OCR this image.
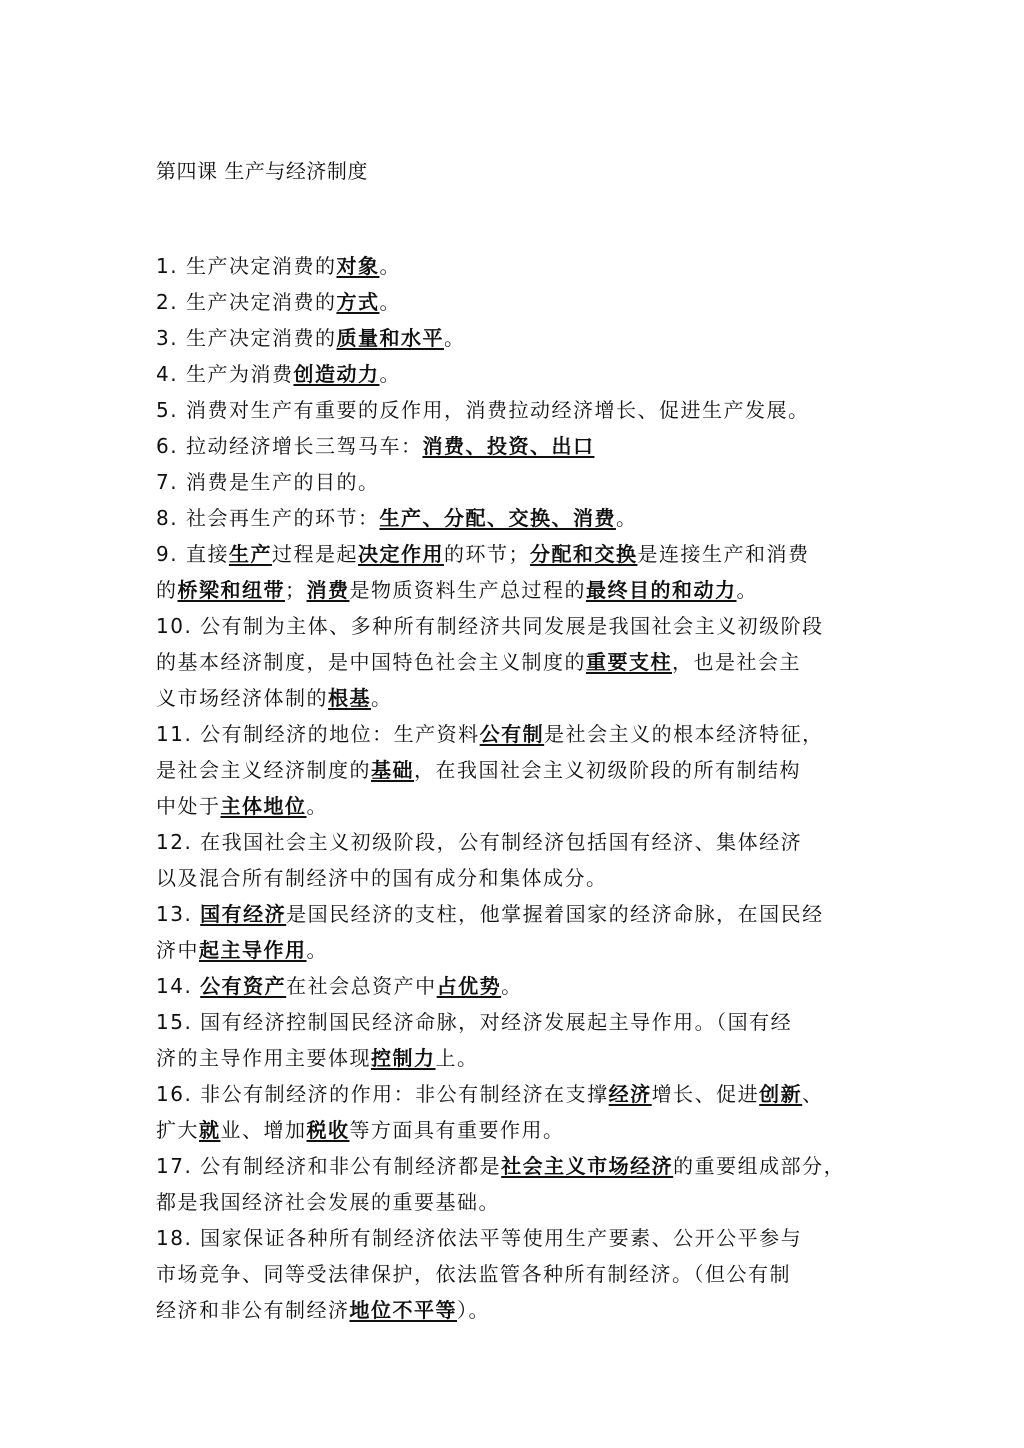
第四课 生产与经济制度
1. 生产决定消费的对象。
2. 生产决定消费的方式。
3. 生产决定消费的质量和水平。
4. 生产为消费创造动力。
5. 消费对生产有重要的反作用，消费拉动经济增长、促进生产发展。
6. 拉动经济增长三驾马车：消费、投资、出口
7. 消费是生产的目的。
8. 社会再生产的环节：生产、分配、交换、消费。
9. 直接生产过程是起决定作用的环节；分配和交换是连接生产和消费
的桥梁和纽带；消费是物质资料生产总过程的最终目的和动力。
10. 公有制为主体、多种所有制经济共同发展是我国社会主义初级阶段
的基本经济制度，是中国特色社会主义制度的重要支柱，也是社会主
义市场经济体制的根基。
11. 公有制经济的地位：生产资料公有制是社会主义的根本经济特征，
是社会主义经济制度的基础，在我国社会主义初级阶段的所有制结构
中处于主体地位。
12. 在我国社会主义初级阶段，公有制经济包括国有经济、集体经济
以及混合所有制经济中的国有成分和集体成分。
13. 国有经济是国民经济的支柱，他掌握着国家的经济命脉，在国民经
济中起主导作用。
14. 公有资产在社会总资产中占优势。
15. 国有经济控制国民经济命脉，对经济发展起主导作用。（国有经
济的主导作用主要体现控制力上。
16. 非公有制经济的作用：非公有制经济在支撑经济增长、促进创新、
扩大就业、增加税收等方面具有重要作用。
17. 公有制经济和非公有制经济都是社会主义市场经济的重要组成部分，
都是我国经济社会发展的重要基础。
18. 国家保证各种所有制经济依法平等使用生产要素、公开公平参与
市场竞争、同等受法律保护，依法监管各种所有制经济。（但公有制
经济和非公有制经济地位不平等）。
